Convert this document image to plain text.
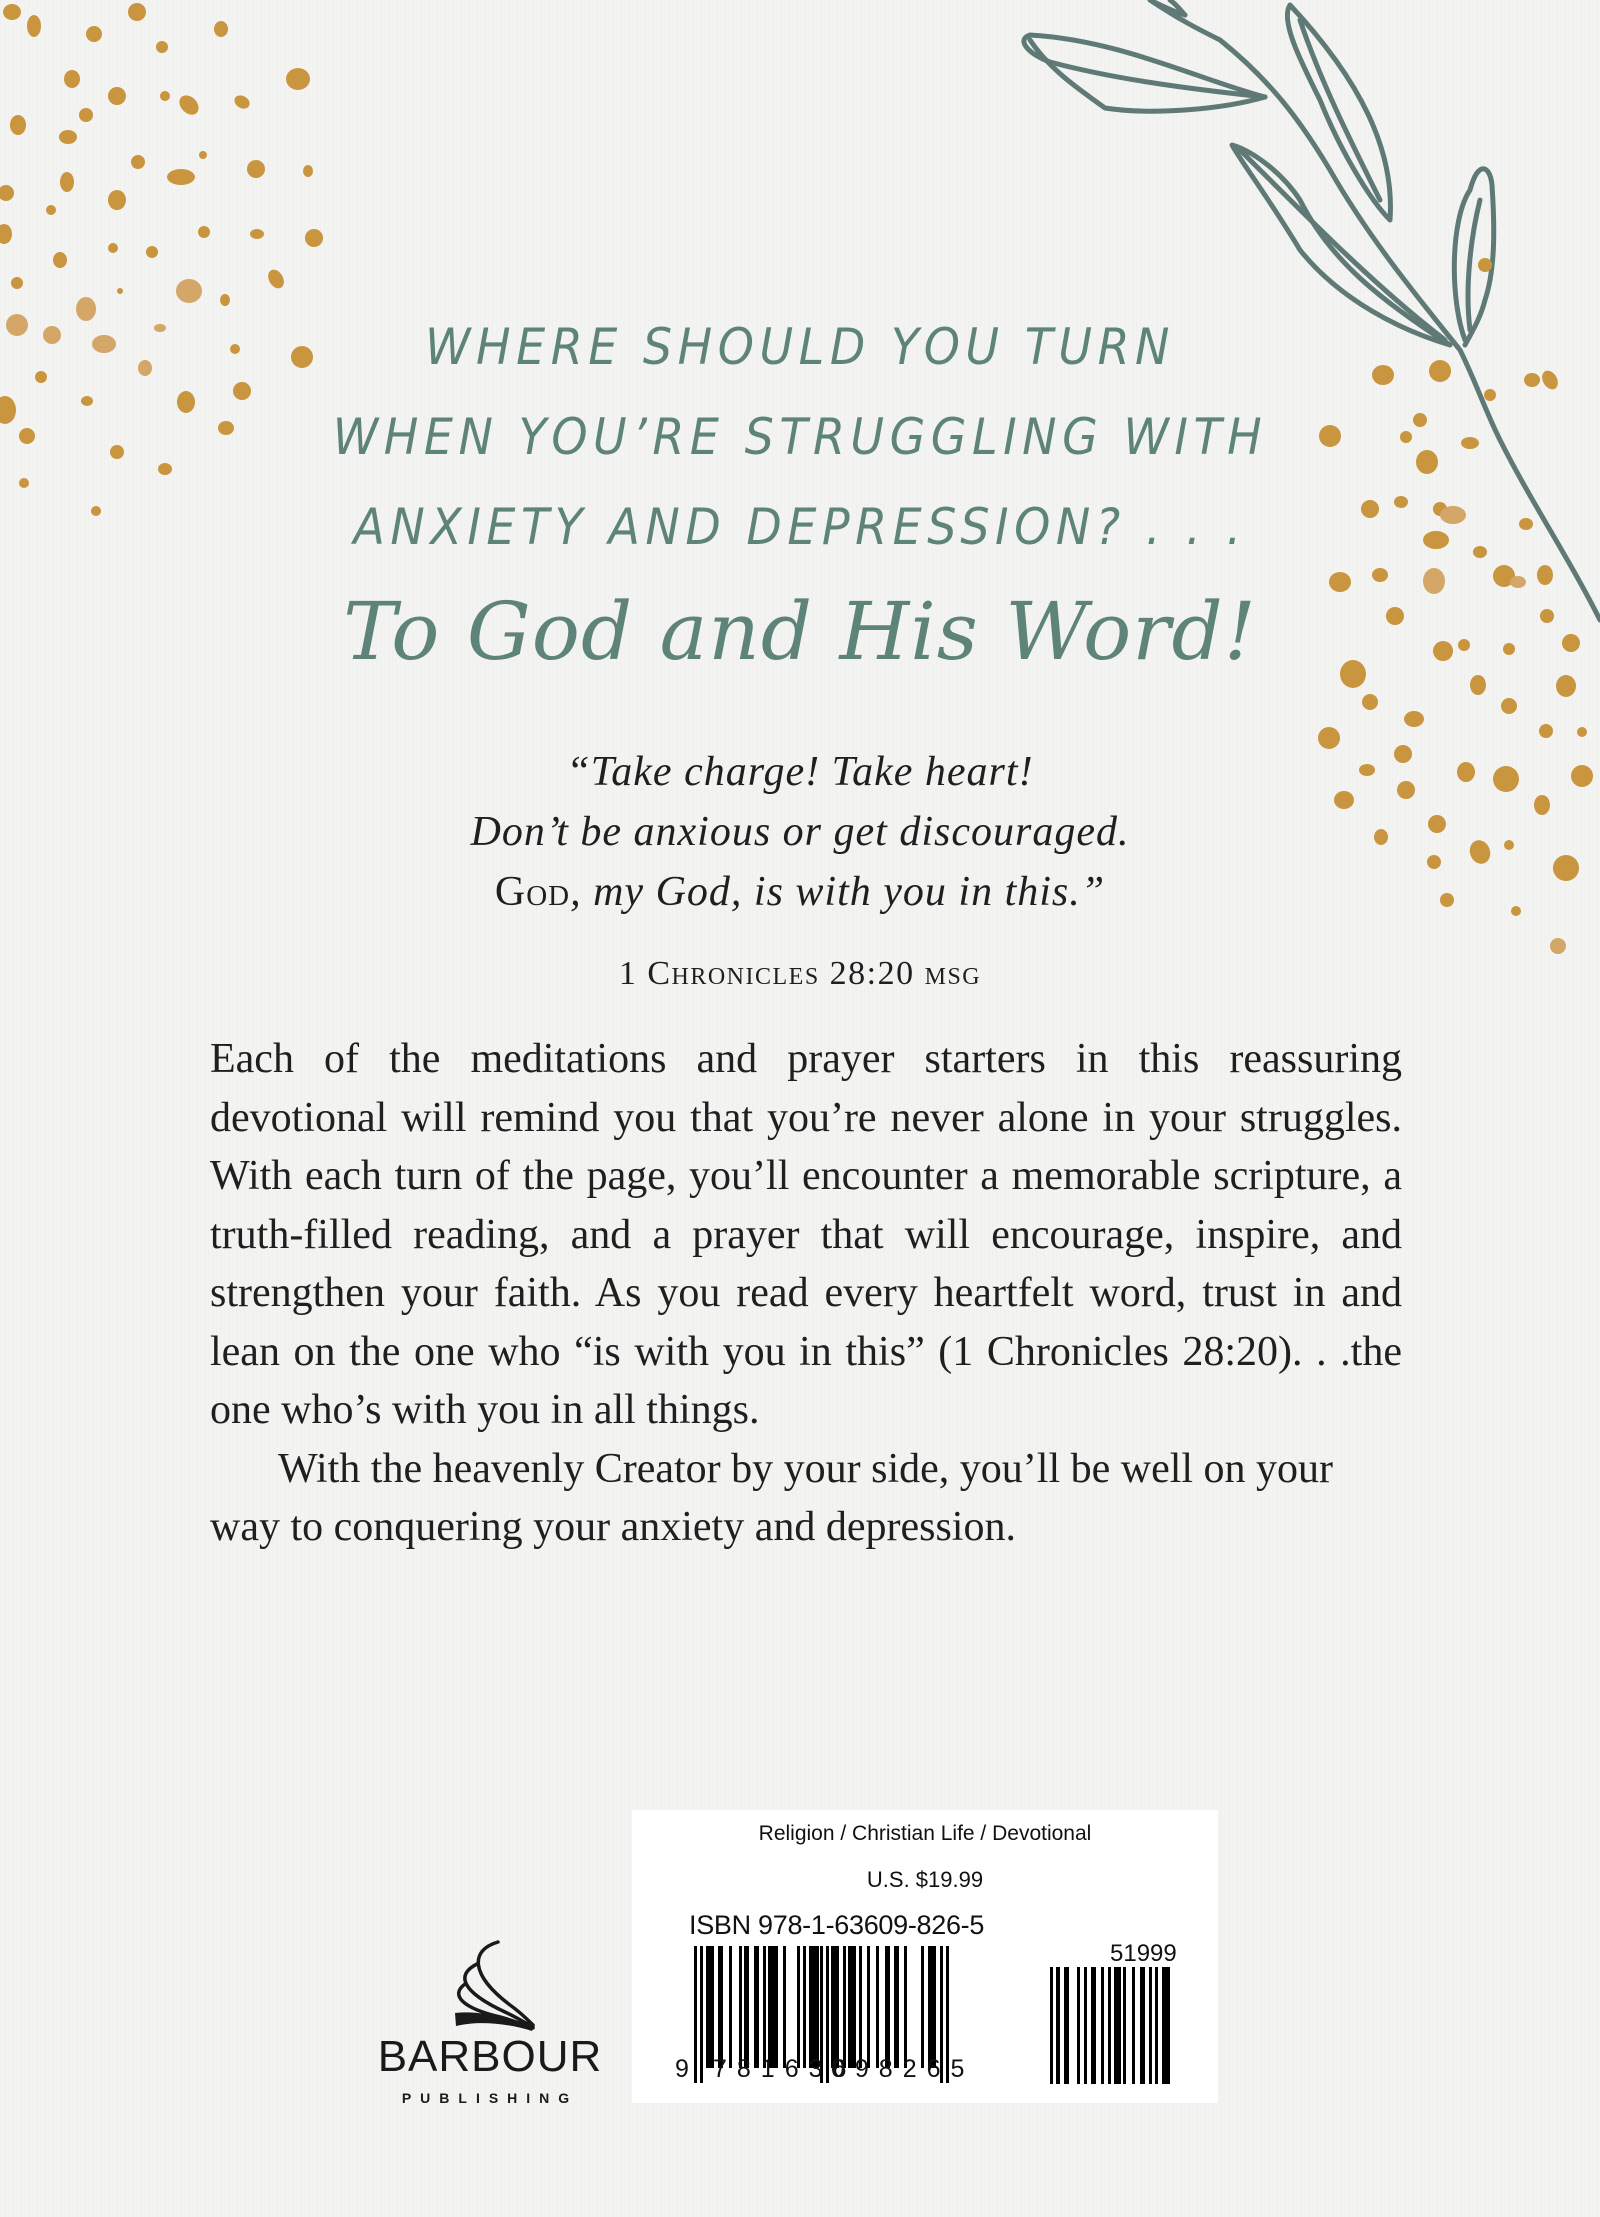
WHERE SHOULD YOU TURN
WHEN YOU’RE STRUGGLING WITH
ANXIETY AND DEPRESSION? . . .
To God and His Word!
“Take charge! Take heart!
Don’t be anxious or get discouraged.
God, my God, is with you in this.”
1 Chronicles 28:20 msg

Each of the meditations and prayer starters in this reassuring devotional will remind you that you’re never alone in your struggles. With each turn of the page, you’ll encounter a memorable scripture, a truth-filled reading, and a prayer that will encourage, inspire, and strengthen your faith. As you read every heartfelt word, trust in and lean on the one who “is with you in this” (1 Chronicles 28:20). . .the one who’s with you in all things.

With the heavenly Creator by your side, you’ll be well on your way to conquering your anxiety and depression.

BARBOUR
PUBLISHING
Religion / Christian Life / Devotional
U.S. $19.99
ISBN 978-1-63609-826-5
9 781636
098265
51999
